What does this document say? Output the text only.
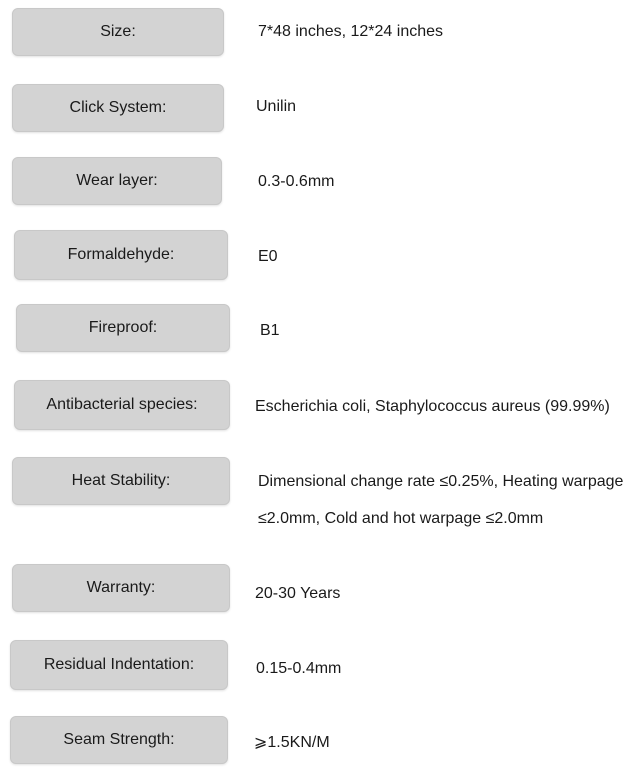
Size:	7*48 inches, 12*24 inches
Click System:	Unilin
Wear layer:	0.3-0.6mm
Formaldehyde:	E0
Fireproof:	B1
Antibacterial species:	Escherichia coli, Staphylococcus aureus (99.99%)
Heat Stability:	Dimensional change rate ≤0.25%, Heating warpage ≤2.0mm, Cold and hot warpage ≤2.0mm
Warranty:	20-30 Years
Residual Indentation:	0.15-0.4mm
Seam Strength:	⩾1.5KN/M
